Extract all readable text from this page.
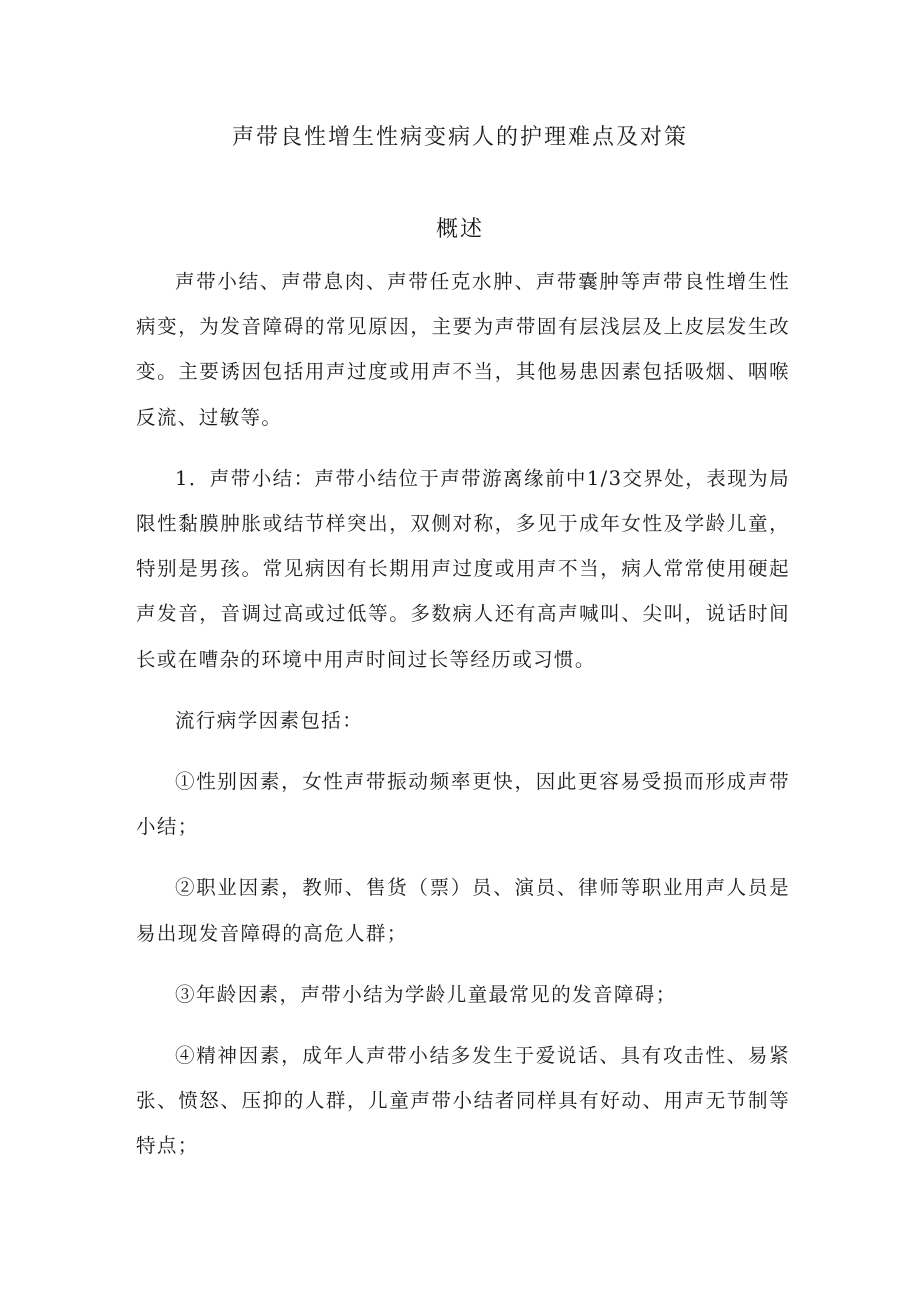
声带良性增生性病变病人的护理难点及对策
概述

声带小结、声带息肉、声带任克水肿、声带囊肿等声带良性增生性病变，为发音障碍的常见原因，主要为声带固有层浅层及上皮层发生改变。主要诱因包括用声过度或用声不当，其他易患因素包括吸烟、咽喉反流、过敏等。

1．声带小结：声带小结位于声带游离缘前中1/3交界处，表现为局限性黏膜肿胀或结节样突出，双侧对称，多见于成年女性及学龄儿童，特别是男孩。常见病因有长期用声过度或用声不当，病人常常使用硬起声发音，音调过高或过低等。多数病人还有高声喊叫、尖叫，说话时间长或在嘈杂的环境中用声时间过长等经历或习惯。

流行病学因素包括：

①性别因素，女性声带振动频率更快，因此更容易受损而形成声带小结；

②职业因素，教师、售货（票）员、演员、律师等职业用声人员是易出现发音障碍的高危人群；

③年龄因素，声带小结为学龄儿童最常见的发音障碍；

④精神因素，成年人声带小结多发生于爱说话、具有攻击性、易紧张、愤怒、压抑的人群，儿童声带小结者同样具有好动、用声无节制等特点；
